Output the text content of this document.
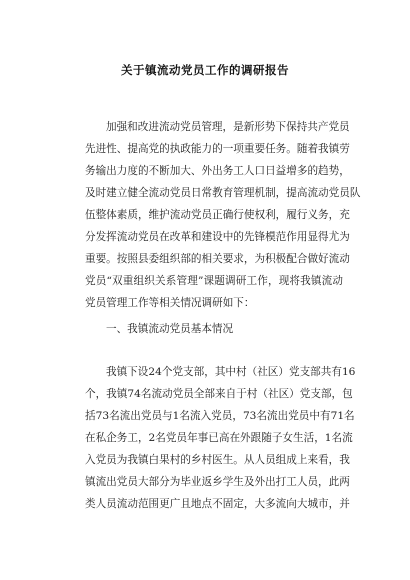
关于镇流动党员工作的调研报告
加强和改进流动党员管理，是新形势下保持共产党员
先进性、提高党的执政能力的一项重要任务。随着我镇劳
务输出力度的不断加大、外出务工人口日益增多的趋势，
及时建立健全流动党员日常教育管理机制，提高流动党员队
伍整体素质，维护流动党员正确行使权利，履行义务，充
分发挥流动党员在改革和建设中的先锋模范作用显得尤为
重要。按照县委组织部的相关要求，为积极配合做好流动
党员“双重组织关系管理”课题调研工作，现将我镇流动
党员管理工作等相关情况调研如下：
一、我镇流动党员基本情况
我镇下设24个党支部，其中村（社区）党支部共有16
个，我镇74名流动党员全部来自于村（社区）党支部，包
括73名流出党员与1名流入党员，73名流出党员中有71名
在私企务工，2名党员年事已高在外跟随子女生活，1名流
入党员为我镇白果村的乡村医生。从人员组成上来看，我
镇流出党员大部分为毕业返乡学生及外出打工人员，此两
类人员流动范围更广且地点不固定，大多流向大城市，并
